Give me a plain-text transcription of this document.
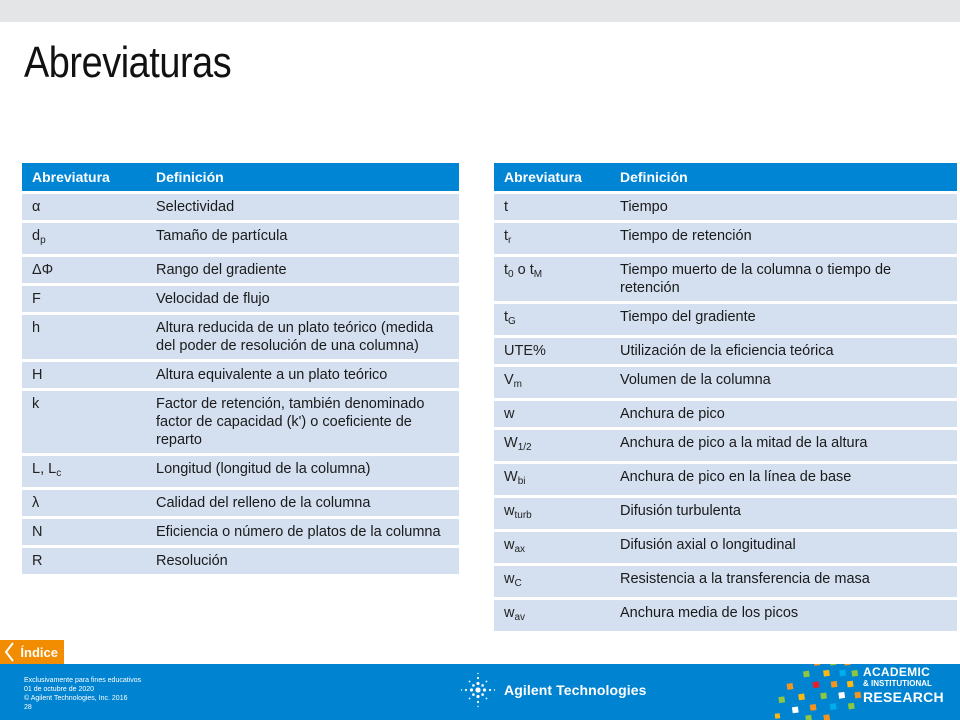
Abreviaturas
Abreviatura	Definición
α	Selectividad
$d_p$	Tamaño de partícula
ΔΦ	Rango del gradiente
F	Velocidad de flujo
h	Altura reducida de un plato teórico (medida del poder de resolución de una columna)
H	Altura equivalente a un plato teórico
k	Factor de retención, también denominado factor de capacidad (k') o coeficiente de reparto
L, $L_c$	Longitud (longitud de la columna)
λ	Calidad del relleno de la columna
N	Eficiencia o número de platos de la columna
R	Resolución
Abreviatura	Definición
t	Tiempo
$t_r$	Tiempo de retención
$t_0$ o $t_M$	Tiempo muerto de la columna o tiempo de retención
$t_G$	Tiempo del gradiente
UTE%	Utilización de la eficiencia teórica
$V_m$	Volumen de la columna
w	Anchura de pico
$W_{1/2}$	Anchura de pico a la mitad de la altura
$W_{bi}$	Anchura de pico en la línea de base
$w_{turb}$	Difusión turbulenta
$w_{ax}$	Difusión axial o longitudinal
$w_C$	Resistencia a la transferencia de masa
$w_{av}$	Anchura media de los picos
Índice
Exclusivamente para fines educativos
01 de octubre de 2020
© Agilent Technologies, Inc. 2016
28
Agilent Technologies
ACADEMIC
& INSTITUTIONAL
RESEARCH
